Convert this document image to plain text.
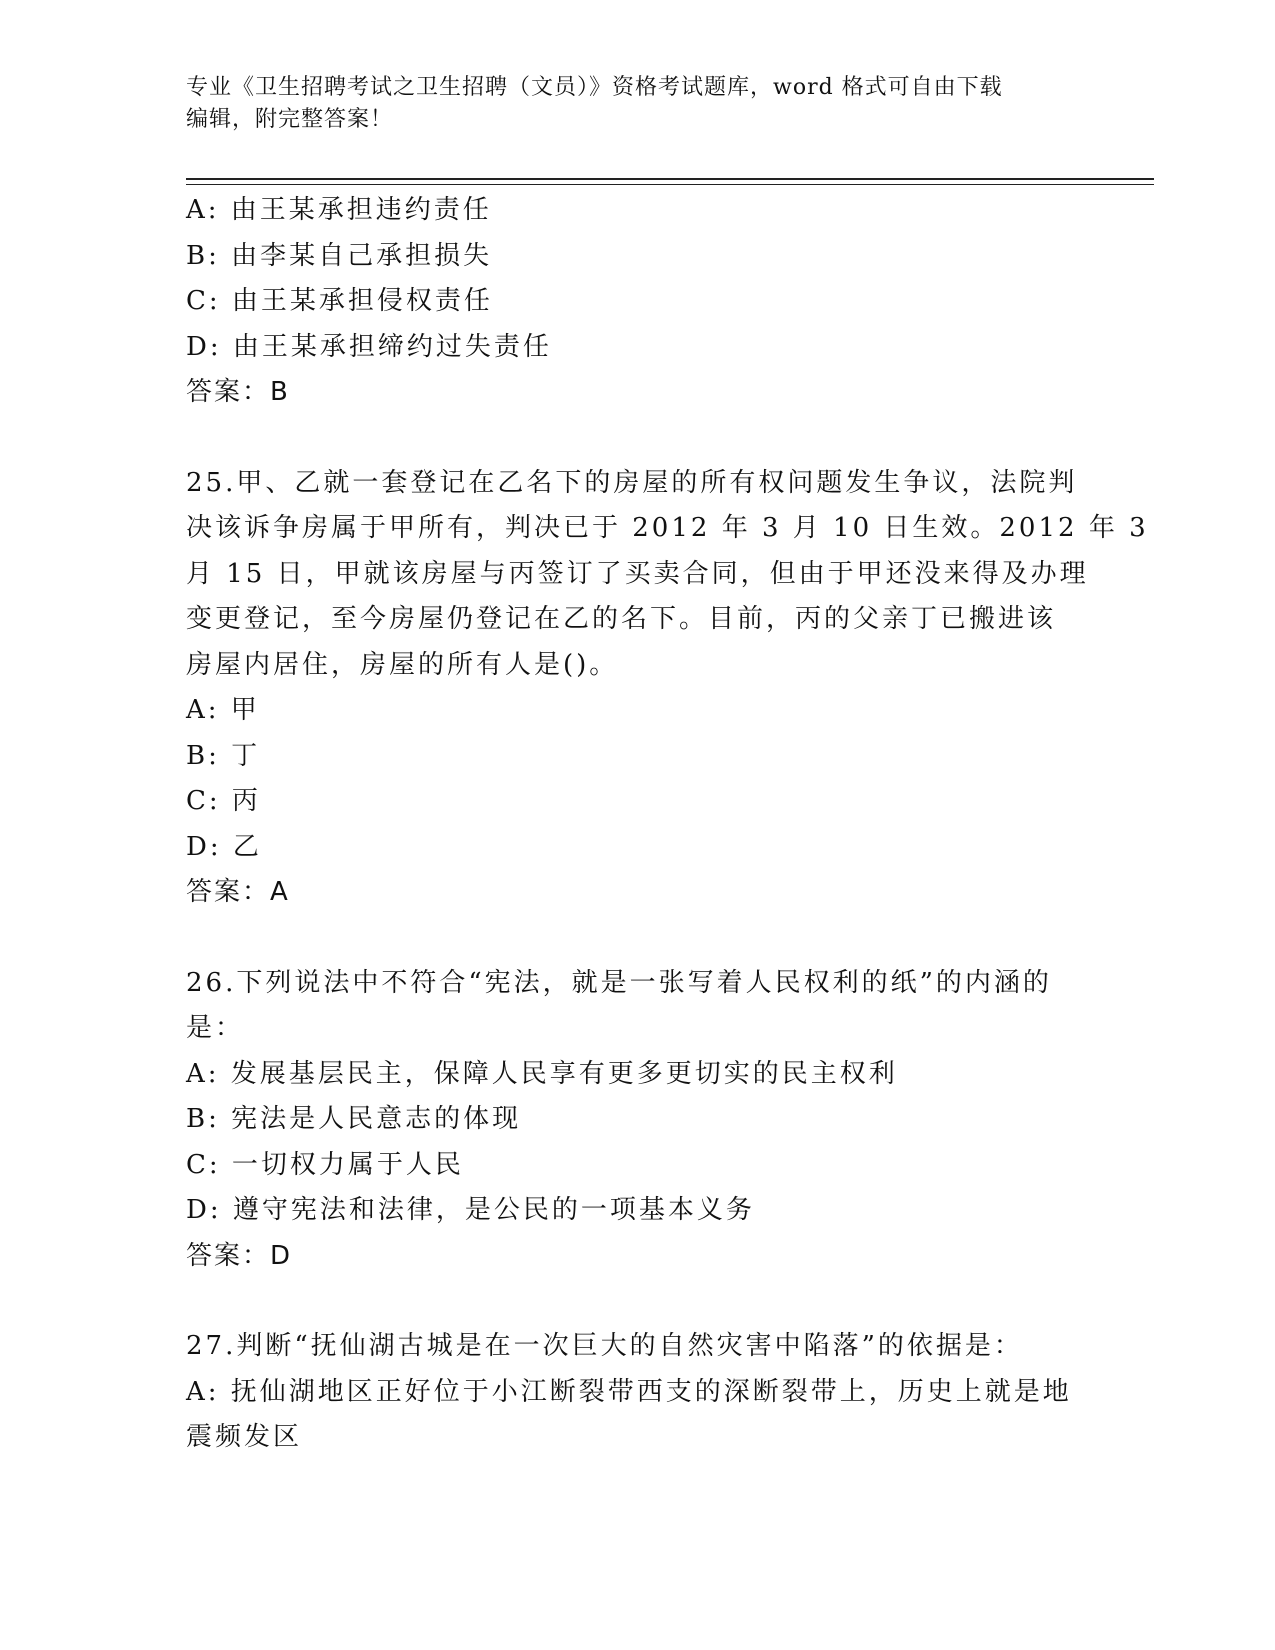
专业《卫生招聘考试之卫生招聘（文员）》资格考试题库，word 格式可自由下载
编辑，附完整答案！
A: 由王某承担违约责任
B: 由李某自己承担损失
C: 由王某承担侵权责任
D: 由王某承担缔约过失责任
答案：B
25.甲、乙就一套登记在乙名下的房屋的所有权问题发生争议，法院判
决该诉争房属于甲所有，判决已于 2012 年 3 月 10 日生效。2012 年 3
月 15 日，甲就该房屋与丙签订了买卖合同，但由于甲还没来得及办理
变更登记，至今房屋仍登记在乙的名下。目前，丙的父亲丁已搬进该
房屋内居住，房屋的所有人是()。
A: 甲
B: 丁
C: 丙
D: 乙
答案：A
26.下列说法中不符合“宪法，就是一张写着人民权利的纸”的内涵的
是：
A: 发展基层民主，保障人民享有更多更切实的民主权利
B: 宪法是人民意志的体现
C: 一切权力属于人民
D: 遵守宪法和法律，是公民的一项基本义务
答案：D
27.判断“抚仙湖古城是在一次巨大的自然灾害中陷落”的依据是：
A: 抚仙湖地区正好位于小江断裂带西支的深断裂带上，历史上就是地
震频发区
